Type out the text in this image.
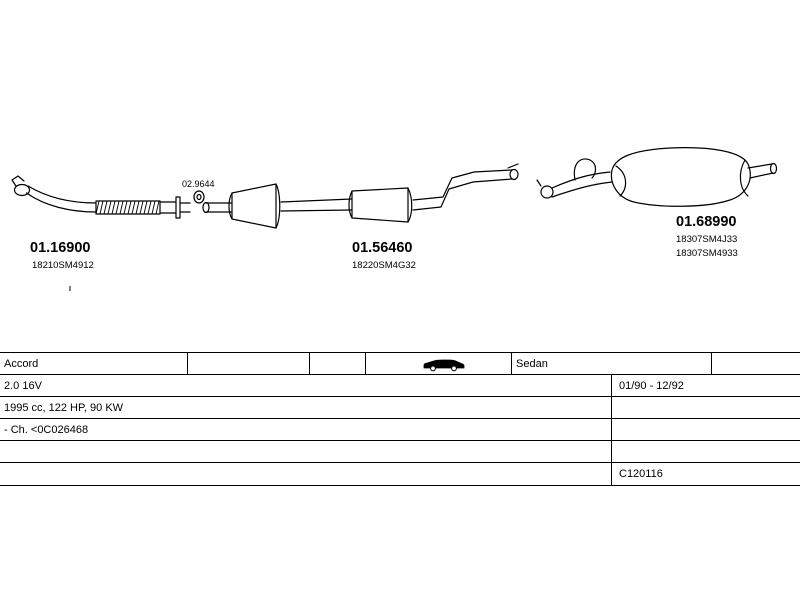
01.16900
18210SM4912
02.9644
01.56460
18220SM4G32
01.68990
18307SM4J33
18307SM4933
Accord	Sedan
2.0 16V	01/90 - 12/92
1995 cc, 122 HP, 90 KW
- Ch. <0C026468
C120116
